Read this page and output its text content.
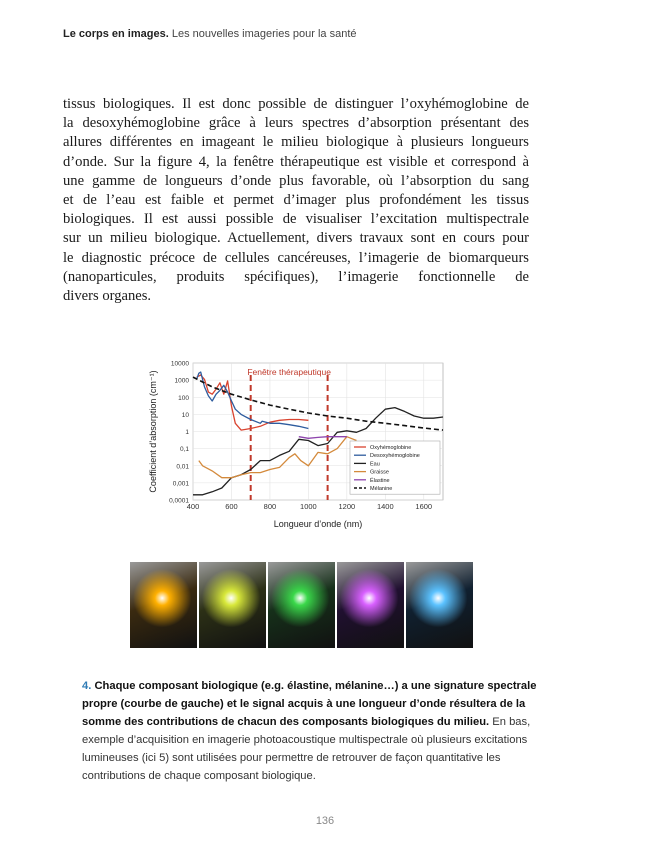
Le corps en images. Les nouvelles imageries pour la santé
tissus biologiques. Il est donc possible de distinguer l’oxyhémoglobine de
la desoxyhémoglobine grâce à leurs spectres d’absorption présentant des
allures différentes en imageant le milieu biologique à plusieurs longueurs
d’onde. Sur la figure 4, la fenêtre thérapeutique est visible et correspond à
une gamme de longueurs d’onde plus favorable, où l’absorption du sang
et de l’eau est faible et permet d’imager plus profondément les tissus
biologiques. Il est aussi possible de visualiser l’excitation multispectrale
sur un milieu biologique. Actuellement, divers travaux sont en cours pour
le diagnostic précoce de cellules cancéreuses, l’imagerie de biomarqueurs
(nanoparticules, produits spécifiques), l’imagerie fonctionnelle de
divers organes.
0,0001
0,001
0,01
0,1
1
10
100
1000
10000
400	600	800	1000	1200	1400	1600
Fenêtre thérapeutique
Oxyhémoglobine
Desoxyhémoglobine
Eau
Graisse
Élastine
Mélanine
Longueur d’onde (nm)
Coefficient d’absorption (cm⁻¹)
4. Chaque composant biologique (e.g. élastine, mélanine…) a une signature spectrale
propre (courbe de gauche) et le signal acquis à une longueur d’onde résultera de la
somme des contributions de chacun des composants biologiques du milieu. En bas,
exemple d’acquisition en imagerie photoacoustique multispectrale où plusieurs excitations
lumineuses (ici 5) sont utilisées pour permettre de retrouver de façon quantitative les
contributions de chaque composant biologique.
136
